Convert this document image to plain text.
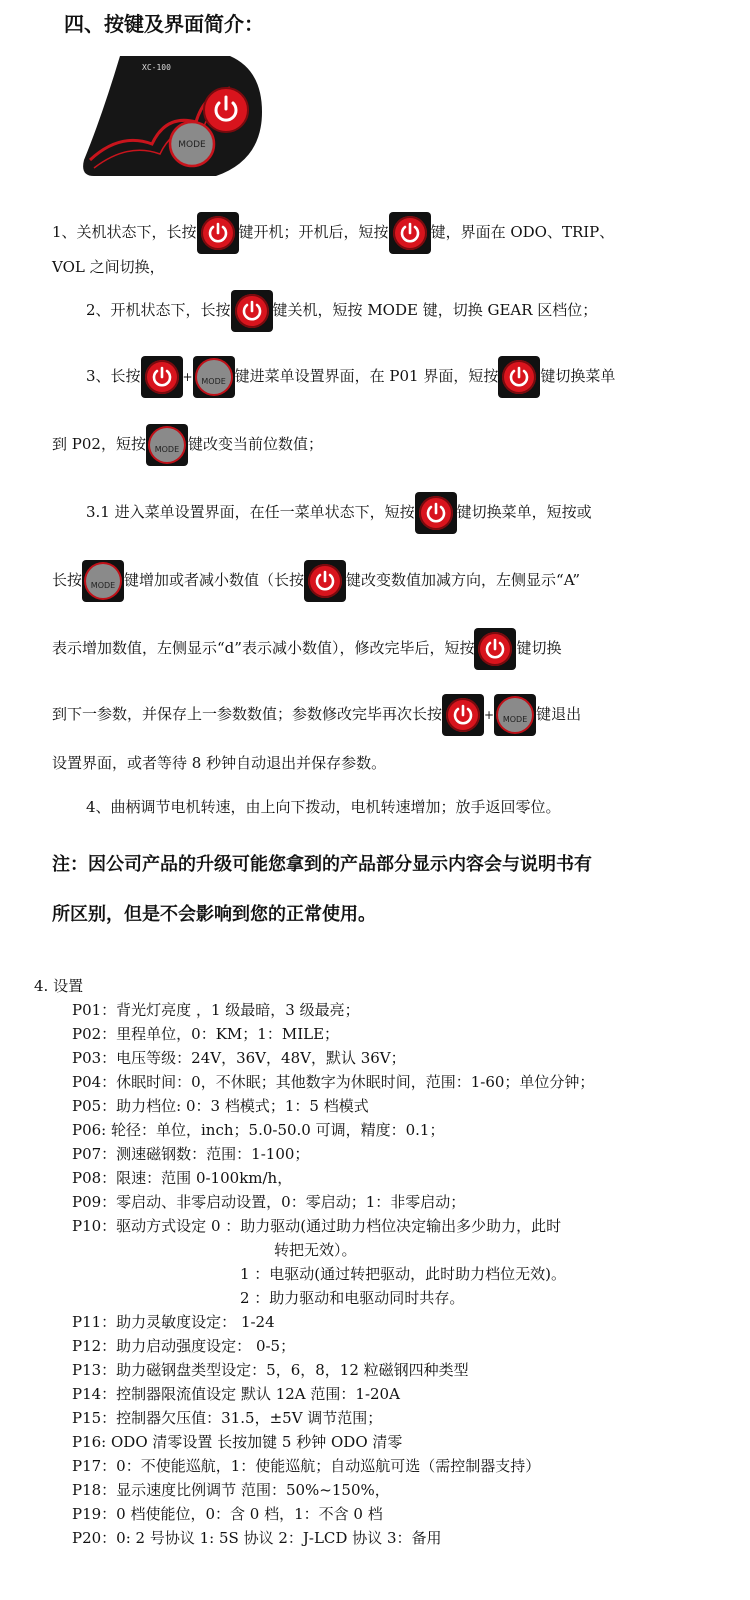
四、按键及界面简介：
XC-100
MODE
1、关机状态下，长按	键开机；开机后，短按	键，界面在 ODO、TRIP、
VOL 之间切换，
2、开机状态下，长按	键关机，短按 MODE 键，切换 GEAR 区档位；
3、长按	+	MODE 键进菜单设置界面，在 P01 界面，短按	键切换菜单
到 P02，短按	MODE 键改变当前位数值；
3.1 进入菜单设置界面，在任一菜单状态下，短按	键切换菜单，短按或
长按	MODE 键增加或者减小数值（长按	键改变数值加减方向，左侧显示“A”
表示增加数值，左侧显示“d”表示减小数值），修改完毕后，短按	键切换
到下一参数，并保存上一参数数值；参数修改完毕再次长按	+	MODE 键退出
设置界面，或者等待 8 秒钟自动退出并保存参数。
4、曲柄调节电机转速，由上向下拨动，电机转速增加；放手返回零位。
注：因公司产品的升级可能您拿到的产品部分显示内容会与说明书有
所区别，但是不会影响到您的正常使用。
4. 设置
P01：背光灯亮度 ，1 级最暗，3 级最亮；
P02：里程单位，0：KM；1：MILE；
P03：电压等级：24V，36V，48V，默认 36V；
P04：休眠时间：0，不休眠；其他数字为休眠时间，范围：1-60；单位分钟；
P05：助力档位: 0：3 档模式；1：5 档模式
P06: 轮径：单位，inch；5.0-50.0 可调，精度：0.1；
P07：测速磁钢数：范围：1-100；
P08：限速：范围 0-100km/h，
P09：零启动、非零启动设置，0：零启动；1：非零启动；
P10：驱动方式设定 0 ：助力驱动(通过助力档位决定输出多少助力，此时
转把无效）。
1 ：电驱动(通过转把驱动，此时助力档位无效)。
2 ：助力驱动和电驱动同时共存。
P11：助力灵敏度设定： 1-24
P12：助力启动强度设定： 0-5；
P13：助力磁钢盘类型设定：5，6，8，12 粒磁钢四种类型
P14：控制器限流值设定 默认 12A 范围：1-20A
P15：控制器欠压值：31.5，±5V 调节范围；
P16: ODO 清零设置 长按加键 5 秒钟 ODO 清零
P17：0：不使能巡航，1：使能巡航；自动巡航可选（需控制器支持）
P18：显示速度比例调节 范围：50%~150%，
P19：0 档使能位，0：含 0 档，1：不含 0 档
P20：0: 2 号协议 1: 5S 协议 2：J-LCD 协议 3：备用
